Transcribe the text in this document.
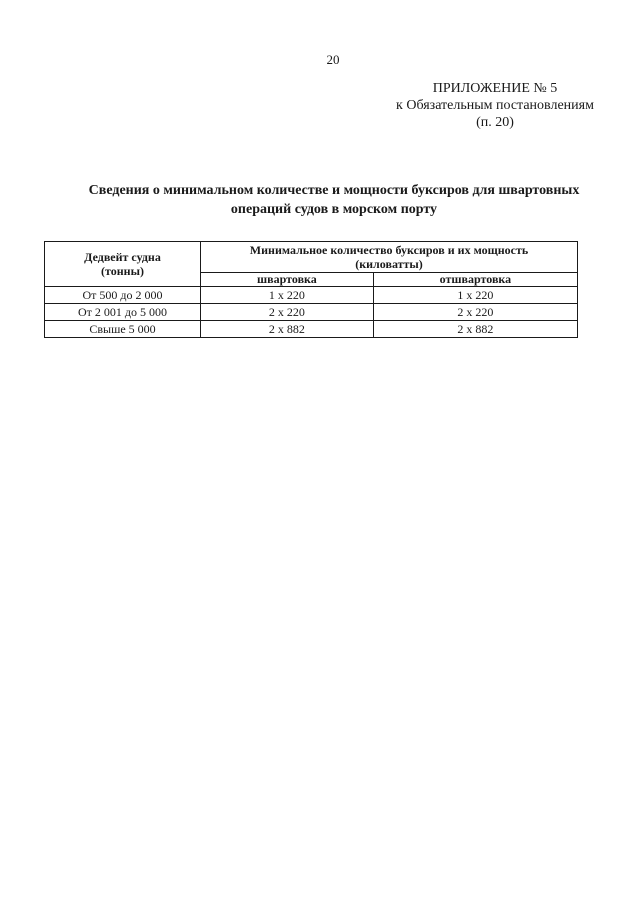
20
ПРИЛОЖЕНИЕ № 5
к Обязательным постановлениям
(п. 20)
Сведения о минимальном количестве и мощности буксиров для швартовных
операций судов в морском порту
Дедвейт судна
(тонны)	Минимальное количество буксиров и их мощность
(киловатты)	

	швартовка	отшвартовка
От 500 до 2 000	1 х 220	1 х 220
От 2 001 до 5 000	2 х 220	2 х 220
Свыше 5 000	2 х 882	2 х 882
